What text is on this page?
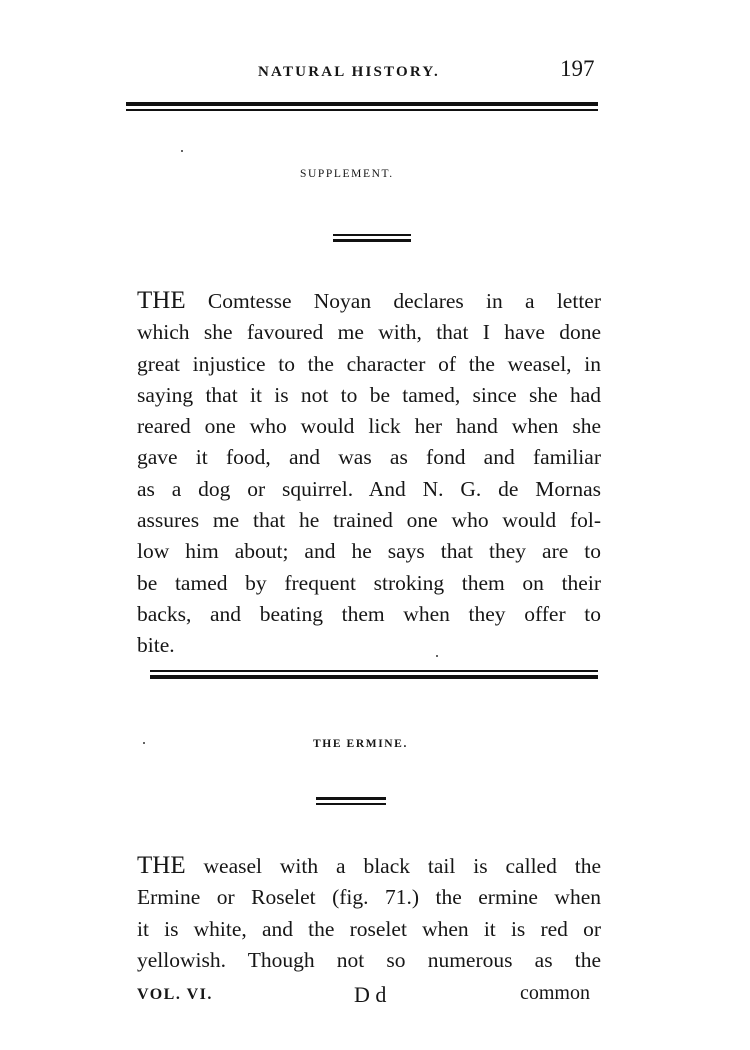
NATURAL HISTORY.	197
SUPPLEMENT.
THE Comtesse Noyan declares in a letter
which she favoured me with, that I have done
great injustice to the character of the weasel, in
saying that it is not to be tamed, since she had
reared one who would lick her hand when she
gave it food, and was as fond and familiar
as a dog or squirrel. And N. G. de Mornas
assures me that he trained one who would fol-
low him about; and he says that they are to
be tamed by frequent stroking them on their
backs, and beating them when they offer to
bite.
THE ERMINE.
THE weasel with a black tail is called the
Ermine or Roselet (fig. 71.) the ermine when
it is white, and the roselet when it is red or
yellowish. Though not so numerous as the
VOL. VI.	D d	common
